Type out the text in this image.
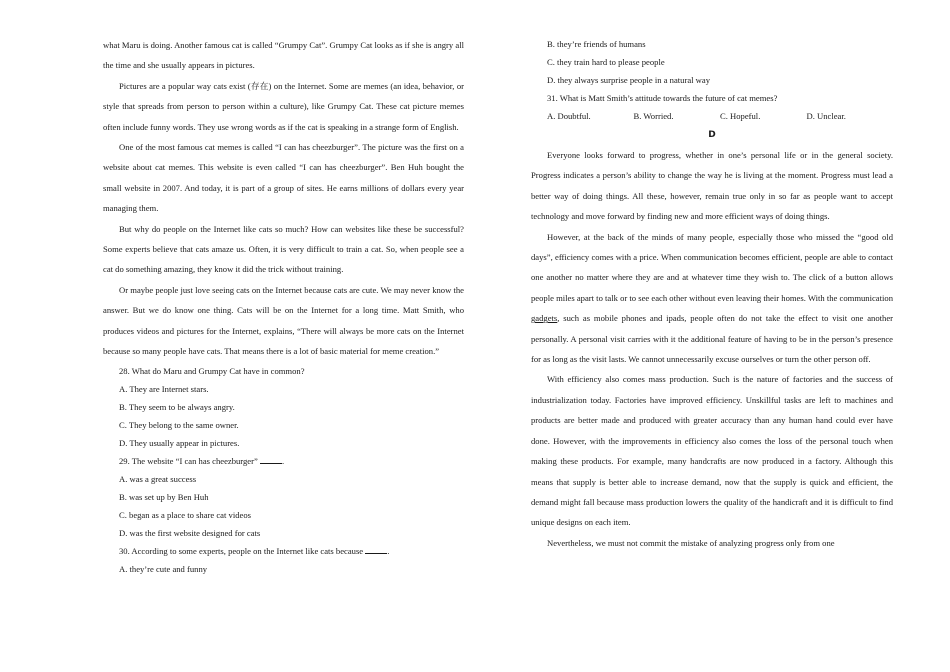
what Maru is doing. Another famous cat is called “Grumpy Cat”. Grumpy Cat looks as if she is angry all the time and she usually appears in pictures.

Pictures are a popular way cats exist (存在) on the Internet. Some are memes (an idea, behavior, or style that spreads from person to person within a culture), like Grumpy Cat. These cat picture memes often include funny words. They use wrong words as if the cat is speaking in a strange form of English.

One of the most famous cat memes is called “I can has cheezburger”. The picture was the first on a website about cat memes. This website is even called “I can has cheezburger”. Ben Huh bought the small website in 2007. And today, it is part of a group of sites. He earns millions of dollars every year managing them.

But why do people on the Internet like cats so much? How can websites like these be successful? Some experts believe that cats amaze us. Often, it is very difficult to train a cat. So, when people see a cat do something amazing, they know it did the trick without training.

Or maybe people just love seeing cats on the Internet because cats are cute. We may never know the answer. But we do know one thing. Cats will be on the Internet for a long time. Matt Smith, who produces videos and pictures for the Internet, explains, “There will always be more cats on the Internet because so many people have cats. That means there is a lot of basic material for meme creation.”

28. What do Maru and Grumpy Cat have in common?

A. They are Internet stars.

B. They seem to be always angry.

C. They belong to the same owner.

D. They usually appear in pictures.

29. The website “I can has cheezburger”	.

A. was a great success

B. was set up by Ben Huh

C. began as a place to share cat videos

D. was the first website designed for cats

30. According to some experts, people on the Internet like cats because	.

A. they’re cute and funny

B. they’re friends of humans

C. they train hard to please people

D. they always surprise people in a natural way

31. What is Matt Smith’s attitude towards the future of cat memes?

A. Doubtful.	B. Worried.	C. Hopeful.	D. Unclear.

D

Everyone looks forward to progress, whether in one’s personal life or in the general society. Progress indicates a person’s ability to change the way he is living at the moment. Progress must lead a better way of doing things. All these, however, remain true only in so far as people want to accept technology and move forward by finding new and more efficient ways of doing things.

However, at the back of the minds of many people, especially those who missed the “good old days”, efficiency comes with a price. When communication becomes efficient, people are able to contact one another no matter where they are and at whatever time they wish to. The click of a button allows people miles apart to talk or to see each other without even leaving their homes. With the communication gadgets, such as mobile phones and ipads, people often do not take the effect to visit one another personally. A personal visit carries with it the additional feature of having to be in the person’s presence for as long as the visit lasts. We cannot unnecessarily excuse ourselves or turn the other person off.

With efficiency also comes mass production. Such is the nature of factories and the success of industrialization today. Factories have improved efficiency. Unskillful tasks are left to machines and products are better made and produced with greater accuracy than any human hand could ever have done. However, with the improvements in efficiency also comes the loss of the personal touch when making these products. For example, many handcrafts are now produced in a factory. Although this means that supply is better able to increase demand, now that the supply is quick and efficient, the demand might fall because mass production lowers the quality of the handicraft and it is difficult to find unique designs on each item.

Nevertheless, we must not commit the mistake of analyzing progress only from one
